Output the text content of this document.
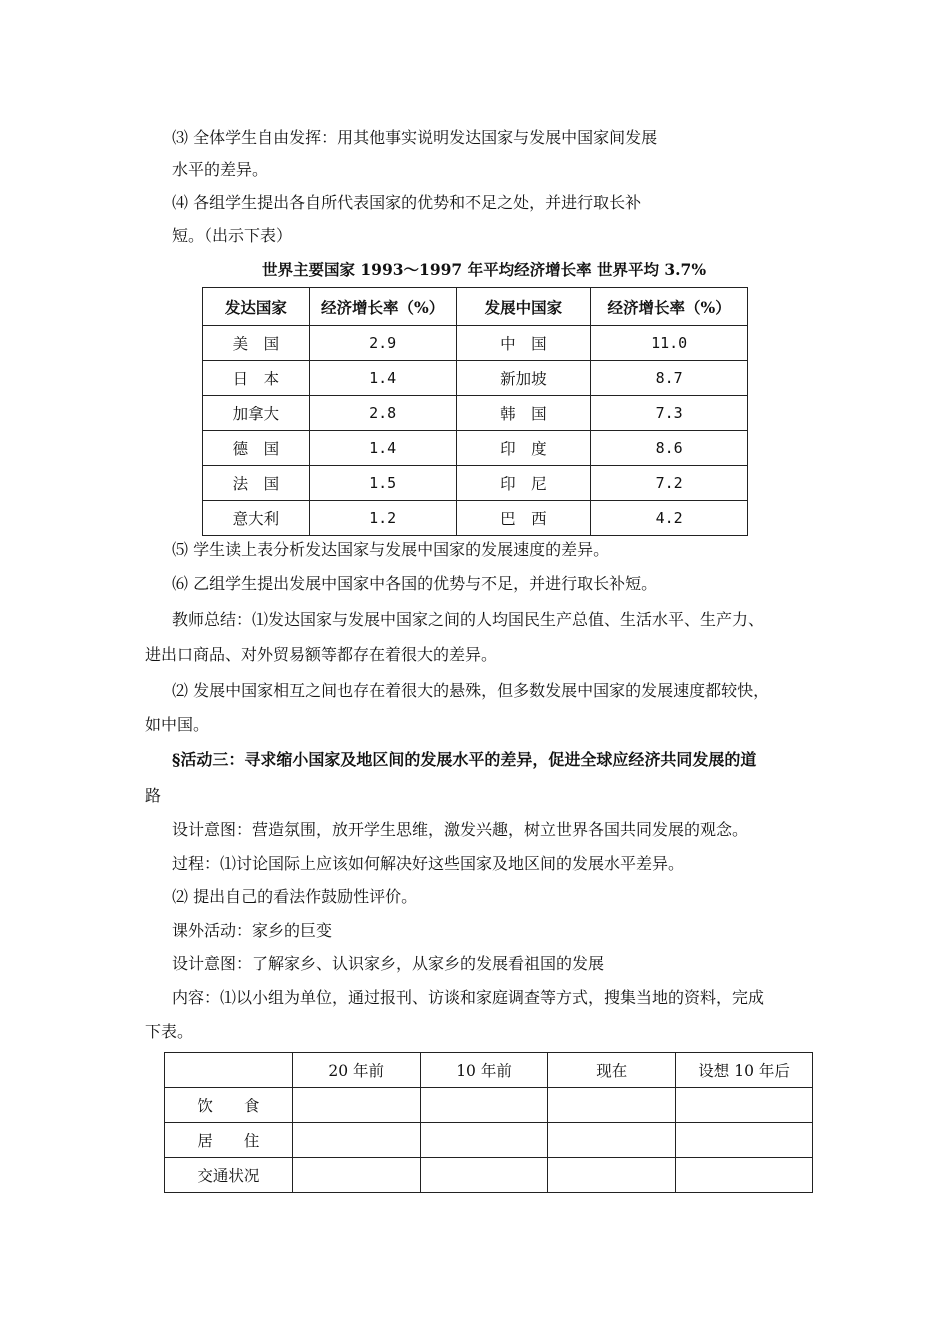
⑶ 全体学生自由发挥：用其他事实说明发达国家与发展中国家间发展
水平的差异。
⑷ 各组学生提出各自所代表国家的优势和不足之处，并进行取长补
短。（出示下表）
世界主要国家 1993～1997 年平均经济增长率 世界平均 3.7%
发达国家	经济增长率（%）	发展中国家	经济增长率（%）
美　国	2.9	中　国	11.0
日　本	1.4	新加坡	8.7
加拿大	2.8	韩　国	7.3
德　国	1.4	印　度	8.6
法　国	1.5	印　尼	7.2
意大利	1.2	巴　西	4.2
⑸ 学生读上表分析发达国家与发展中国家的发展速度的差异。
⑹ 乙组学生提出发展中国家中各国的优势与不足，并进行取长补短。
教师总结：⑴发达国家与发展中国家之间的人均国民生产总值、生活水平、生产力、
进出口商品、对外贸易额等都存在着很大的差异。
⑵ 发展中国家相互之间也存在着很大的悬殊，但多数发展中国家的发展速度都较快，
如中国。
§活动三：寻求缩小国家及地区间的发展水平的差异，促进全球应经济共同发展的道
路
设计意图：营造氛围，放开学生思维，激发兴趣，树立世界各国共同发展的观念。
过程：⑴讨论国际上应该如何解决好这些国家及地区间的发展水平差异。
⑵ 提出自己的看法作鼓励性评价。
课外活动：家乡的巨变
设计意图：了解家乡、认识家乡，从家乡的发展看祖国的发展
内容：⑴以小组为单位，通过报刊、访谈和家庭调查等方式，搜集当地的资料，完成
下表。
	20 年前	10 年前	现在	设想 10 年后
饮　　食				
居　　住				
交通状况				
